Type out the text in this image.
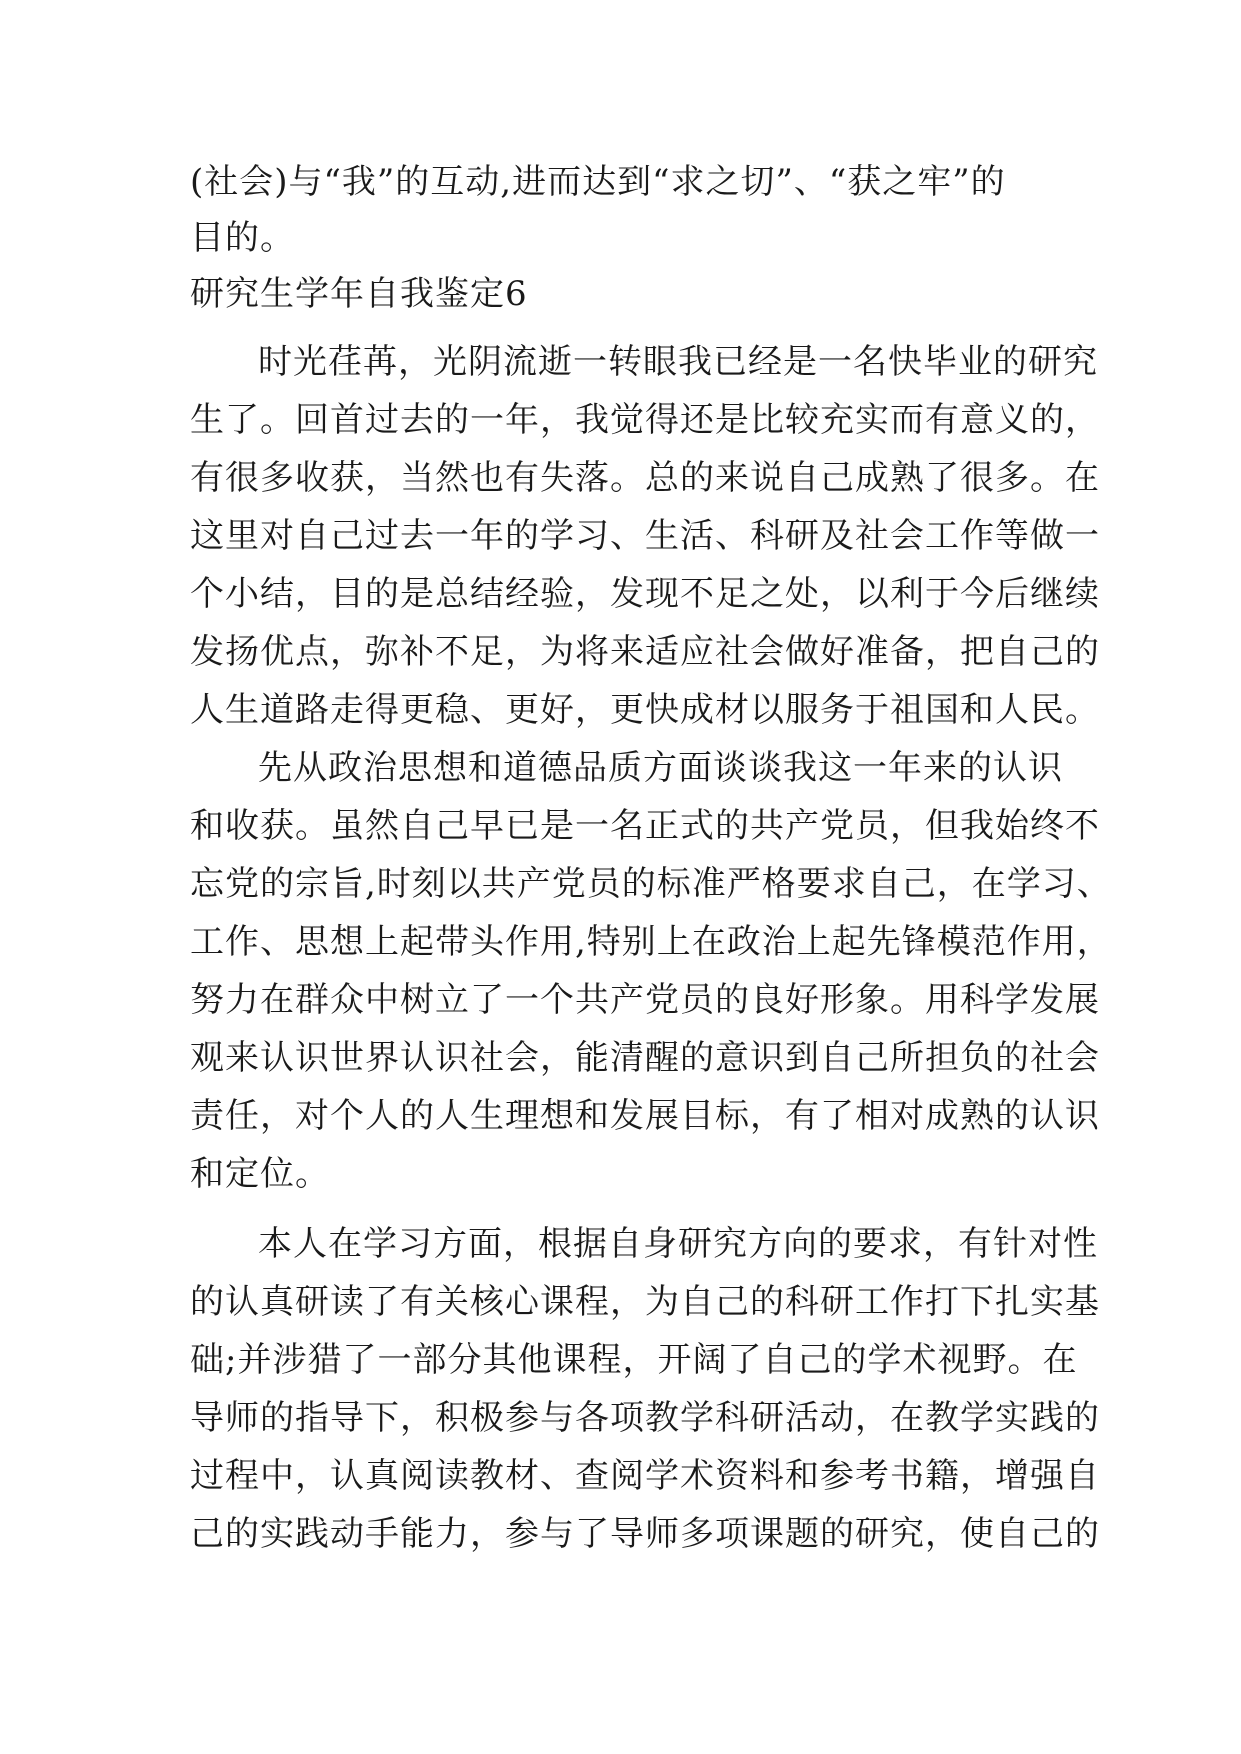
(社会)与“我”的互动,进而达到“求之切”、“获之牢”的
目的。
研究生学年自我鉴定6
时光荏苒，光阴流逝一转眼我已经是一名快毕业的研究
生了。回首过去的一年，我觉得还是比较充实而有意义的，
有很多收获，当然也有失落。总的来说自己成熟了很多。在
这里对自己过去一年的学习、生活、科研及社会工作等做一
个小结，目的是总结经验，发现不足之处，以利于今后继续
发扬优点，弥补不足，为将来适应社会做好准备，把自己的
人生道路走得更稳、更好，更快成材以服务于祖国和人民。
先从政治思想和道德品质方面谈谈我这一年来的认识
和收获。虽然自己早已是一名正式的共产党员，但我始终不
忘党的宗旨,时刻以共产党员的标准严格要求自己，在学习、
工作、思想上起带头作用,特别上在政治上起先锋模范作用，
努力在群众中树立了一个共产党员的良好形象。用科学发展
观来认识世界认识社会，能清醒的意识到自己所担负的社会
责任，对个人的人生理想和发展目标，有了相对成熟的认识
和定位。
本人在学习方面，根据自身研究方向的要求，有针对性
的认真研读了有关核心课程，为自己的科研工作打下扎实基
础;并涉猎了一部分其他课程，开阔了自己的学术视野。在
导师的指导下，积极参与各项教学科研活动，在教学实践的
过程中，认真阅读教材、查阅学术资料和参考书籍，增强自
己的实践动手能力，参与了导师多项课题的研究，使自己的
